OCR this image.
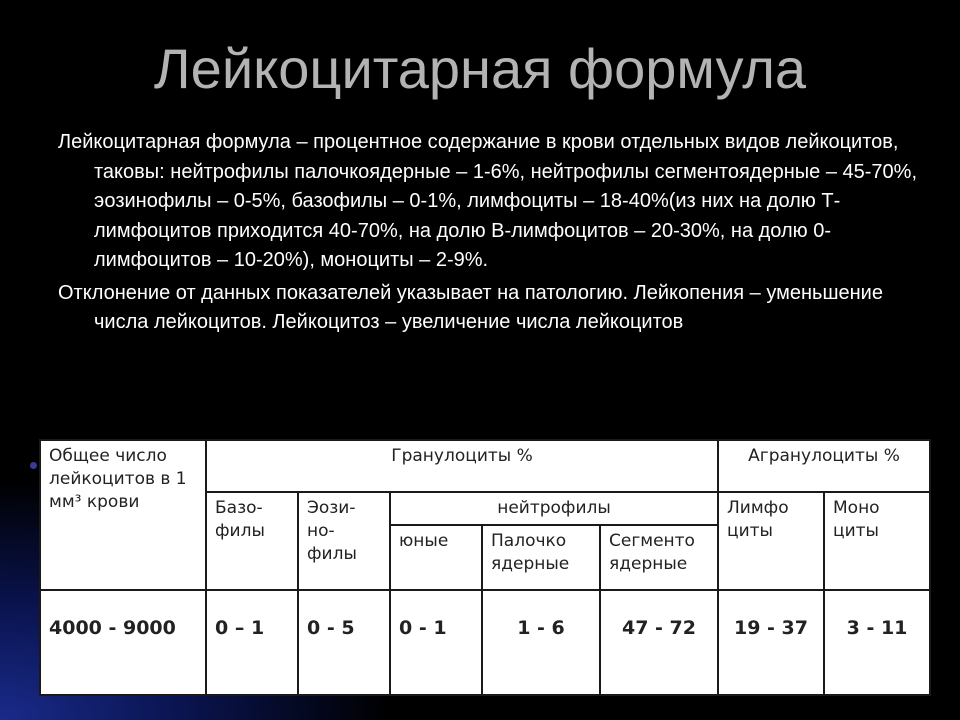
Лейкоцитарная формула

Лейкоцитарная формула – процентное содержание в крови отдельных видов лейкоцитов, таковы: нейтрофилы палочкоядерные – 1-6%, нейтрофилы сегментоядерные – 45-70%, эозинофилы – 0-5%, базофилы – 0-1%, лимфоциты – 18-40%(из них на долю Т-лимфоцитов приходится 40-70%, на долю В-лимфоцитов – 20-30%, на долю 0-лимфоцитов – 10-20%), моноциты – 2-9%.

Отклонение от данных показателей указывает на патологию. Лейкопения – уменьшение числа лейкоцитов. Лейкоцитоз – увеличение числа лейкоцитов

Общее число лейкоцитов в 1 мм³ крови	Гранулоциты %					Агранулоциты %	
	Базо-филы	Эози-но-филы	нейтрофилы			Лимфо циты	Моно циты
			юные	Палочко ядерные	Сегменто ядерные		
4000 - 9000	0 – 1	0 - 5	0 - 1	1 - 6	47 - 72	19 - 37	3 - 11
